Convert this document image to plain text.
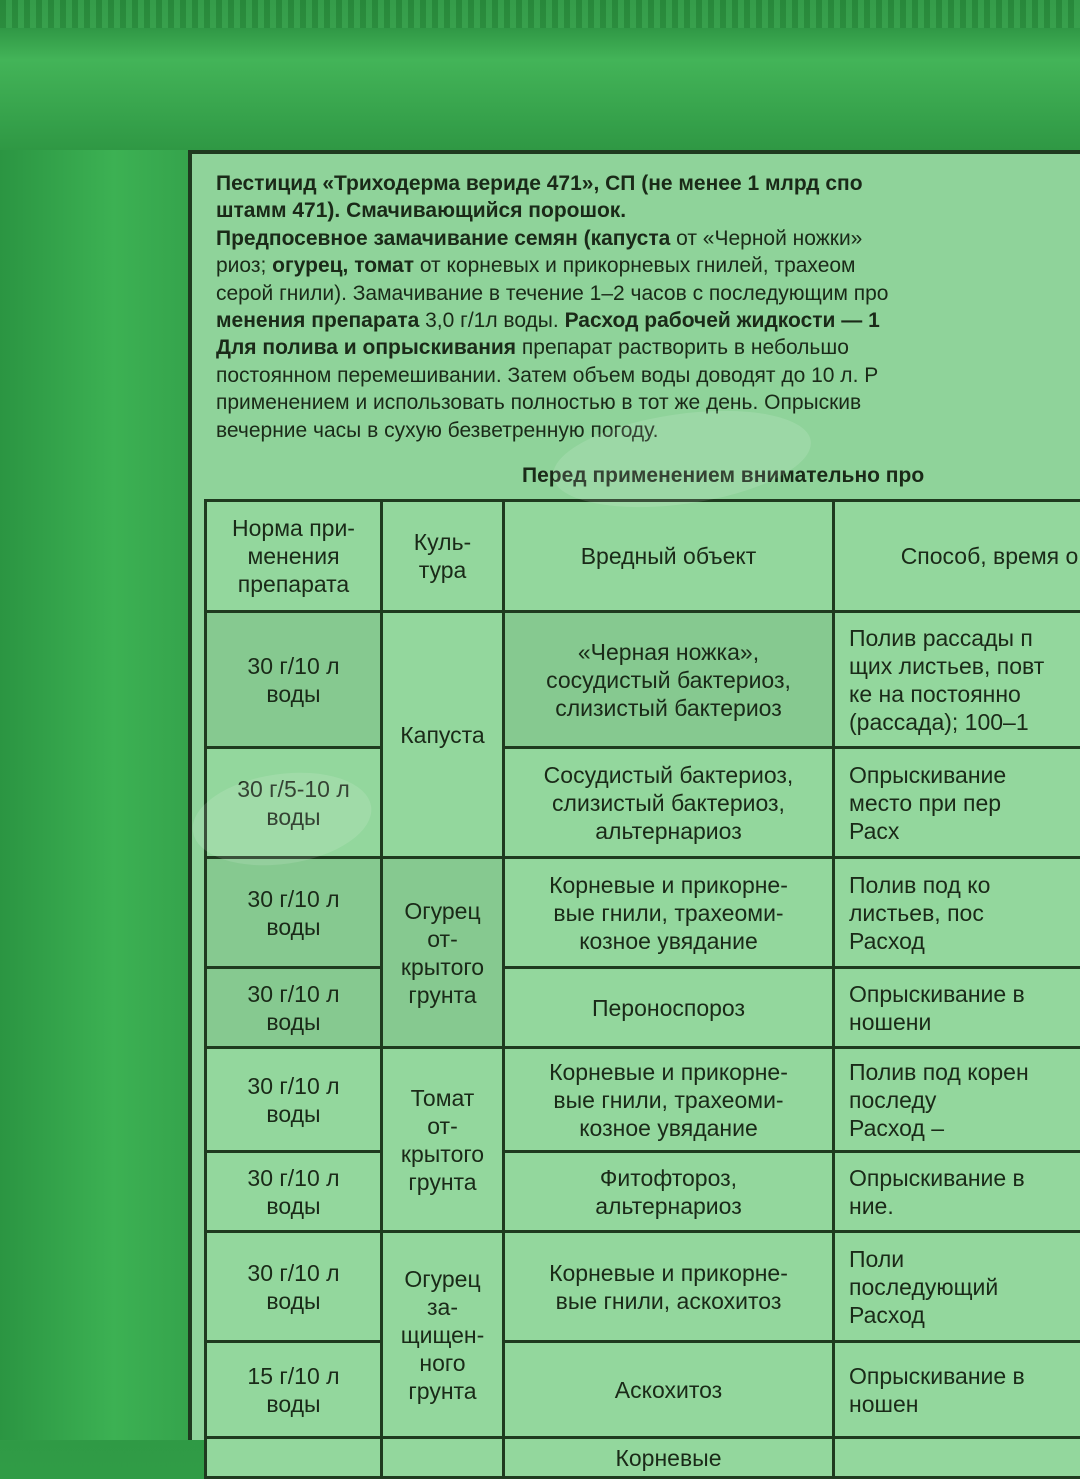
Пестицид «Триходерма вериде 471», СП (не менее 1 млрд спо

штамм 471). Смачивающийся порошок.

Предпосевное замачивание семян (капуста от «Черной ножки»

риоз; огурец, томат от корневых и прикорневых гнилей, трахеом

серой гнили). Замачивание в течение 1–2 часов с последующим про

менения препарата 3,0 г/1л воды. Расход рабочей жидкости — 1

Для полива и опрыскивания препарат растворить в небольшо

постоянном перемешивании. Затем объем воды доводят до 10 л. Р

применением и использовать полностью в тот же день. Опрыскив

вечерние часы в сухую безветренную погоду.

Перед применением внимательно про
Норма при-
менения
препарата	Куль-
тура	Вредный объект	Способ, время о
30 г/10 л
воды	Капуста	«Черная ножка»,
сосудистый бактериоз,
слизистый бактериоз	Полив рассады п
щих листьев, повт
ке на постоянно
(рассада); 100–1
30 г/5-10 л
воды		Сосудистый бактериоз,
слизистый бактериоз,
альтернариоз	Опрыскивание
место при пер
Расх
30 г/10 л
воды	Огурец
от-
крытого
грунта	Корневые и прикорне-
вые гнили, трахеоми-
козное увядание	Полив под ко
листьев, пос
Расход
30 г/10 л
воды		Пероноспороз	Опрыскивание в
ношени
30 г/10 л
воды	Томат
от-
крытого
грунта	Корневые и прикорне-
вые гнили, трахеоми-
козное увядание	Полив под корен
последу
Расход –
30 г/10 л
воды		Фитофтороз,
альтернариоз	Опрыскивание в
ние.
30 г/10 л
воды	Огурец
за-
щищен-
ного
грунта	Корневые и прикорне-
вые гнили, аскохитоз	Поли
последующий
Расход
15 г/10 л
воды		Аскохитоз	Опрыскивание в
ношен
		Корневые	
